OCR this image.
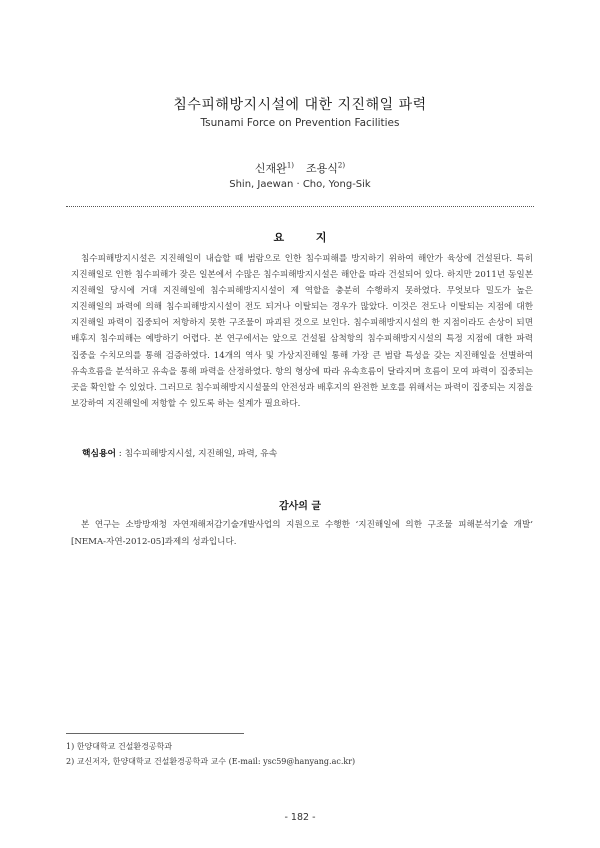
침수피해방지시설에 대한 지진해일 파력
Tsunami Force on Prevention Facilities
신재완$^{1)}$ 조용식$^{2)}$
Shin, Jaewan · Cho, Yong-Sik
요 지
침수피해방지시설은 지진해일이 내습할 때 범람으로 인한 침수피해를 방지하기 위하여 해안가 육상에 건설된다. 특히 지진해일로 인한 침수피해가 잦은 일본에서 수많은 침수피해방지시설은 해안을 따라 건설되어 있다. 하지만 2011년 동일본 지진해일 당시에 거대 지진해일에 침수피해방지시설이 제 역할을 충분히 수행하지 못하였다. 무엇보다 밀도가 높은 지진해일의 파력에 의해 침수피해방지시설이 전도 되거나 이탈되는 경우가 많았다. 이것은 전도나 이탈되는 지점에 대한 지진해일 파력이 집중되어 저항하지 못한 구조물이 파괴된 것으로 보인다. 침수피해방지시설의 한 지점이라도 손상이 되면 배후지 침수피해는 예방하기 어렵다. 본 연구에서는 앞으로 건설될 삼척항의 침수피해방지시설의 특정 지점에 대한 파력 집중을 수치모의를 통해 검증하였다. 14개의 역사 및 가상지진해일 통해 가장 큰 범람 특성을 갖는 지진해일을 선별하여 유속흐름을 분석하고 유속을 통해 파력을 산정하였다. 항의 형상에 따라 유속흐름이 달라지며 흐름이 모여 파력이 집중되는 곳을 확인할 수 있었다. 그러므로 침수피해방지시설물의 안전성과 배후지의 완전한 보호를 위해서는 파력이 집중되는 지점을 보강하여 지진해일에 저항할 수 있도록 하는 설계가 필요하다.
핵심용어 : 침수피해방지시설, 지진해일, 파력, 유속
감사의 글
본 연구는 소방방재청 자연재해저감기술개발사업의 지원으로 수행한 ‘지진해일에 의한 구조물 피해분석기술 개발’ [NEMA-자연-2012-05]과제의 성과입니다.
1) 한양대학교 건설환경공학과
2) 교신저자, 한양대학교 건설환경공학과 교수 (E-mail: ysc59@hanyang.ac.kr)
- 182 -
